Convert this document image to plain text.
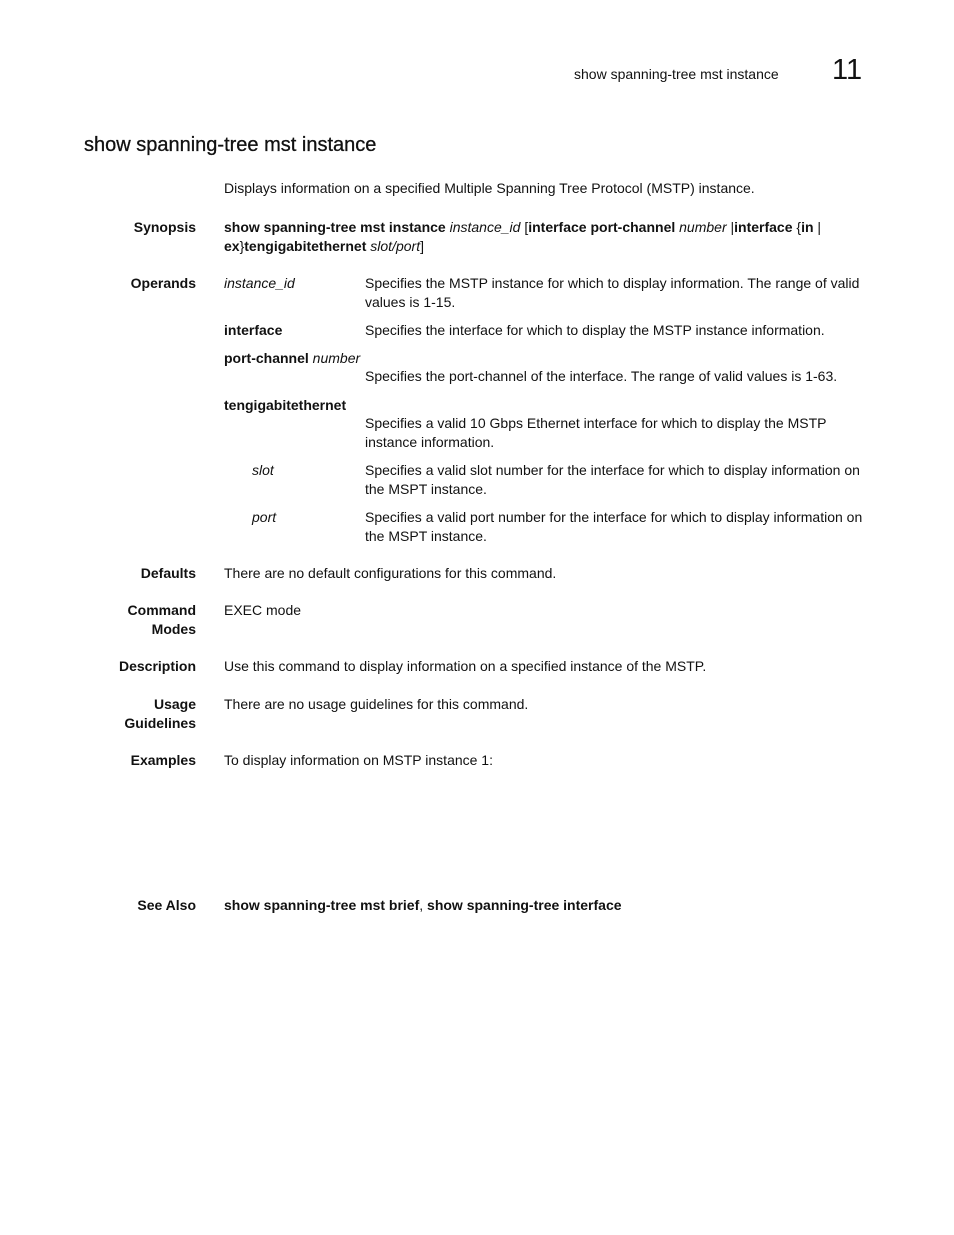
show spanning-tree mst instance 11
show spanning-tree mst instance
Displays information on a specified Multiple Spanning Tree Protocol (MSTP) instance.
Synopsis show spanning-tree mst instance instance_id [interface port-channel number |interface {in |
ex}tengigabitethernet slot/port]
Operands instance_id	Specifies the MSTP instance for which to display information. The range of valid values is 1-15.
interface	Specifies the interface for which to display the MSTP instance information.
port-channel number
Specifies the port-channel of the interface. The range of valid values is 1-63.
tengigabitethernet
Specifies a valid 10 Gbps Ethernet interface for which to display the MSTP instance information.
slot	Specifies a valid slot number for the interface for which to display information on the MSPT instance.
port	Specifies a valid port number for the interface for which to display information on the MSPT instance.
Defaults There are no default configurations for this command.
Command
Modes
EXEC mode
Description Use this command to display information on a specified instance of the MSTP.
Usage
Guidelines
There are no usage guidelines for this command.
Examples To display information on MSTP instance 1:
See Also show spanning-tree mst brief, show spanning-tree interface
